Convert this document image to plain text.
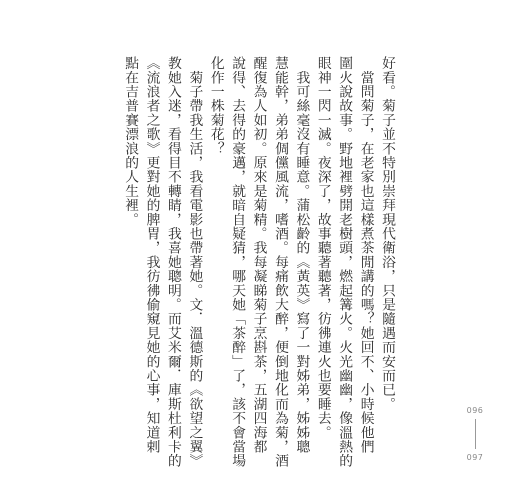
好看。菊子並不特別崇拜現代衛浴，只是隨遇而安而已。
　當問菊子，在老家也這樣煮茶閒講的嗎？她回不、小時候他們
圍火說故事。野地裡劈開老樹頭，燃起篝火。火光幽幽，像溫熱的
眼神一閃一滅。夜深了，故事聽著聽著，彷彿連火也要睡去。
　我可絲毫沒有睡意。蒲松齡的《黃英》寫了一對姊弟，姊姊聰
慧能幹，弟弟倜儻風流，嗜酒。每痛飲大醉，便倒地化而為菊，酒
醒復為人如初。原來是菊精。我每凝睇菊子烹斟茶，五湖四海都
說得、去得的豪邁，就暗自疑猜，哪天她「茶醉」了，該不會當場
化作一株菊花？
　菊子帶我生活，我看電影也帶著她。文．溫德斯的《欲望之翼》
教她入迷，看得目不轉睛，我喜她聰明。而艾米爾．庫斯杜利卡的
《流浪者之歌》更對她的脾胃，我彷彿偷窺見她的心事，知道剌
點在吉普賽漂浪的人生裡。
096
097
